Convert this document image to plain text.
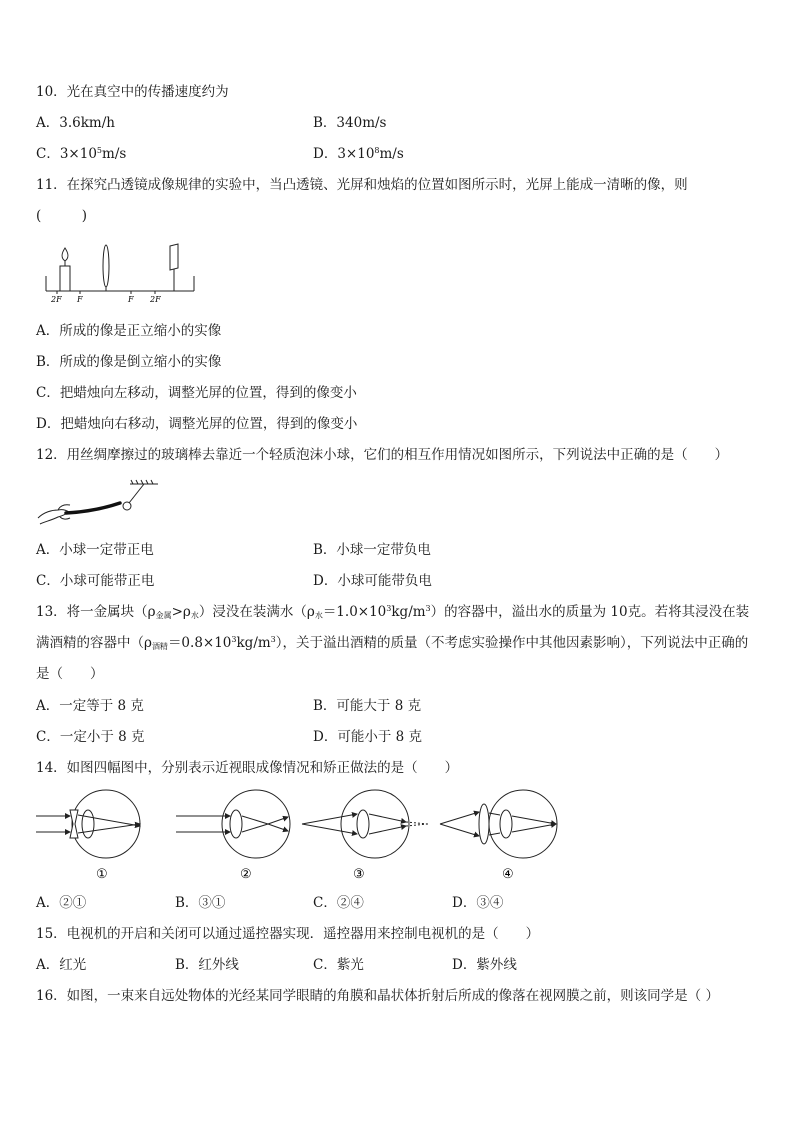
10．光在真空中的传播速度约为
A．3.6km/h	B．340m/s
C．$3\times 10^5m/s$	D．$3\times 10^8m/s$
11．在探究凸透镜成像规律的实验中，当凸透镜、光屏和烛焰的位置如图所示时，光屏上能成一清晰的像，则
(　　　)
2F F	F 2F
A．所成的像是正立缩小的实像
B．所成的像是倒立缩小的实像
C．把蜡烛向左移动，调整光屏的位置，得到的像变小
D．把蜡烛向右移动，调整光屏的位置，得到的像变小
12．用丝绸摩擦过的玻璃棒去靠近一个轻质泡沫小球，它们的相互作用情况如图所示，下列说法中正确的是（　　）
A．小球一定带正电	B．小球一定带负电
C．小球可能带正电	D．小球可能带负电
13．将一金属块$(\rho_{金属}>\rho_水)$浸没在装满水$(\rho_水=1.0\times 10^3kg/m^3)$的容器中，溢出水的质量为 10克。若将其浸没在装
满酒精的容器中$(\rho_{酒精}=0.8\times 10^3kg/m^3)$，关于溢出酒精的质量（不考虑实验操作中其他因素影响），下列说法中正确的
是（　　）
A．一定等于 8 克	B．可能大于 8 克
C．一定小于 8 克	D．可能小于 8 克
14．如图四幅图中，分别表示近视眼成像情况和矫正做法的是（　　）
①	②	③	④
A．②①	B．③①	C．②④	D．③④
15．电视机的开启和关闭可以通过遥控器实现．遥控器用来控制电视机的是（　　）
A．红光	B．红外线	C．紫光	D．紫外线
16．如图，一束来自远处物体的光经某同学眼睛的角膜和晶状体折射后所成的像落在视网膜之前，则该同学是（ ）
